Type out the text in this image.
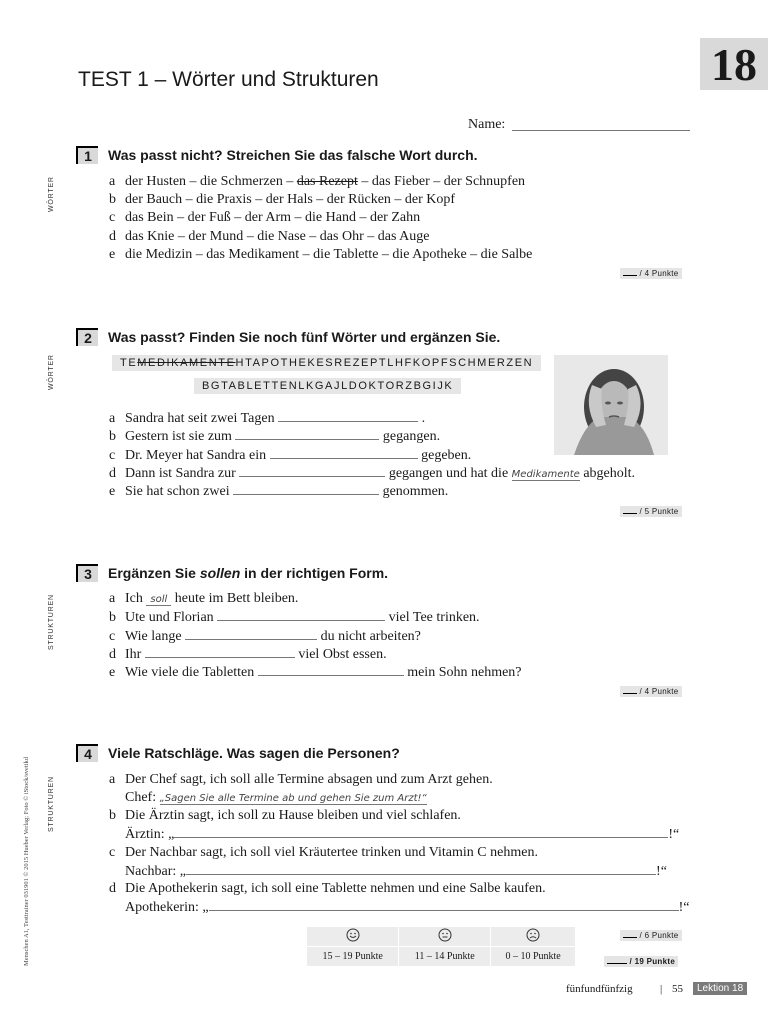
18
TEST 1 – Wörter und Strukturen
Name:
WÖRTER
WÖRTER
STRUKTUREN
STRUKTUREN
1	Was passt nicht? Streichen Sie das falsche Wort durch.
a der Husten – die Schmerzen – das Rezept – das Fieber – der Schnupfen
b der Bauch – die Praxis – der Hals – der Rücken – der Kopf
c das Bein – der Fuß – der Arm – die Hand – der Zahn
d das Knie – der Mund – die Nase – das Ohr – das Auge
e die Medizin – das Medikament – die Tablette – die Apotheke – die Salbe
/ 4 Punkte
2	Was passt? Finden Sie noch fünf Wörter und ergänzen Sie.
TEMEDIKAMENTEHTAPOTHEKESREZEPTLHFKOPFSCHMERZEN
BGTABLETTENLKGAJLDOKTORZBGIJK
a Sandra hat seit zwei Tagen	.
b Gestern ist sie zum	gegangen.
c Dr. Meyer hat Sandra ein	gegeben.
d Dann ist Sandra zur	gegangen und hat die Medikamente abgeholt.
e Sie hat schon zwei	genommen.
/ 5 Punkte
3	Ergänzen Sie sollen in der richtigen Form.
a Ich soll heute im Bett bleiben.
b Ute und Florian	viel Tee trinken.
c Wie lange	du nicht arbeiten?
d Ihr	viel Obst essen.
e Wie viele die Tabletten	mein Sohn nehmen?
/ 4 Punkte
4	Viele Ratschläge. Was sagen die Personen?
a Der Chef sagt, ich soll alle Termine absagen und zum Arzt gehen.
Chef: „Sagen Sie alle Termine ab und gehen Sie zum Arzt!“
b Die Ärztin sagt, ich soll zu Hause bleiben und viel schlafen.
Ärztin: „	!“
c Der Nachbar sagt, ich soll viel Kräutertee trinken und Vitamin C nehmen.
Nachbar: „	!“
d Die Apothekerin sagt, ich soll eine Tablette nehmen und eine Salbe kaufen.
Apothekerin: „	!“
/ 6 Punkte

15 – 19 Punkte	11 – 14 Punkte	0 – 10 Punkte	/ 19 Punkte
fünfundfünfzig | 55	Lektion 18
Menschen A1, Testtrainer 031901 © 2015 Hueber Verlag; Foto © iStock/svetikd
